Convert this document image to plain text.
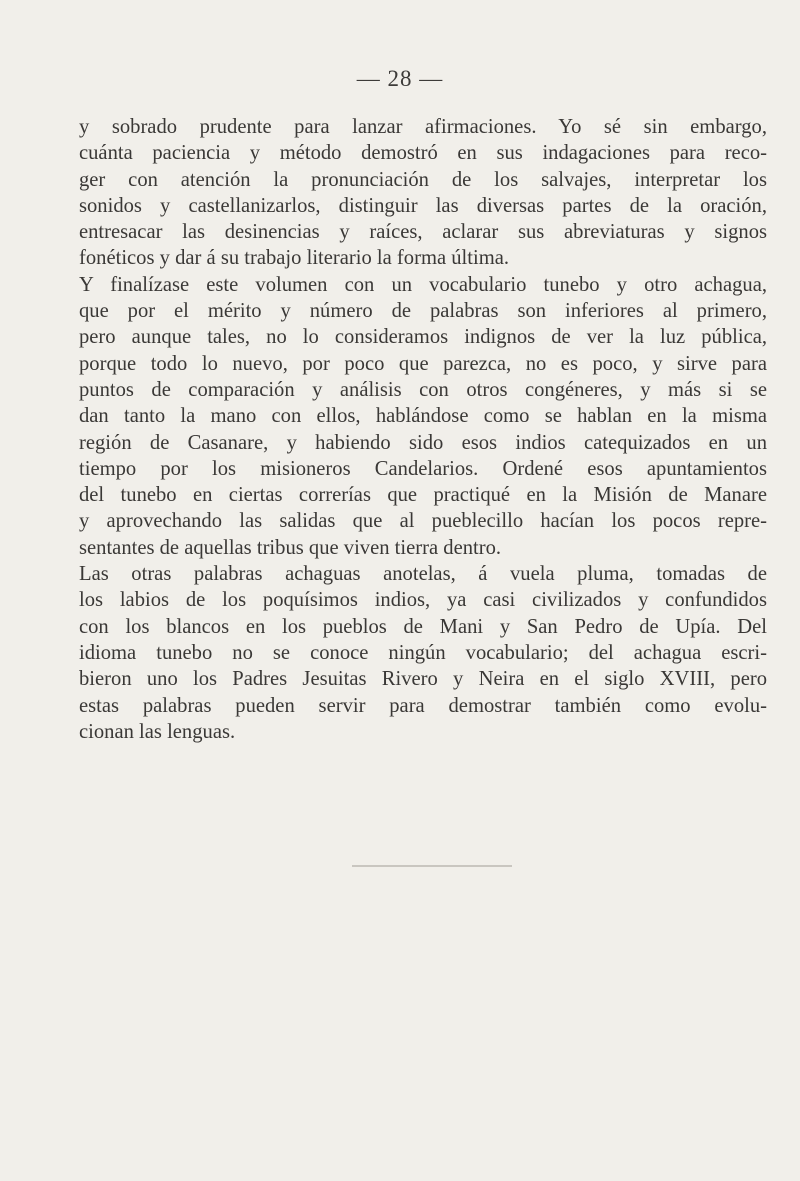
— 28 —
y sobrado prudente para lanzar afirmaciones. Yo sé sin embargo,
cuánta paciencia y método demostró en sus indagaciones para reco-
ger con atención la pronunciación de los salvajes, interpretar los
sonidos y castellanizarlos, distinguir las diversas partes de la oración,
entresacar las desinencias y raíces, aclarar sus abreviaturas y signos
fonéticos y dar á su trabajo literario la forma última.
Y finalízase este volumen con un vocabulario tunebo y otro achagua,
que por el mérito y número de palabras son inferiores al primero,
pero aunque tales, no lo consideramos indignos de ver la luz pública,
porque todo lo nuevo, por poco que parezca, no es poco, y sirve para
puntos de comparación y análisis con otros congéneres, y más si se
dan tanto la mano con ellos, hablándose como se hablan en la misma
región de Casanare, y habiendo sido esos indios catequizados en un
tiempo por los misioneros Candelarios. Ordené esos apuntamientos
del tunebo en ciertas correrías que practiqué en la Misión de Manare
y aprovechando las salidas que al pueblecillo hacían los pocos repre-
sentantes de aquellas tribus que viven tierra dentro.
Las otras palabras achaguas anotelas, á vuela pluma, tomadas de
los labios de los poquísimos indios, ya casi civilizados y confundidos
con los blancos en los pueblos de Mani y San Pedro de Upía. Del
idioma tunebo no se conoce ningún vocabulario; del achagua escri-
bieron uno los Padres Jesuitas Rivero y Neira en el siglo XVIII, pero
estas palabras pueden servir para demostrar también como evolu-
cionan las lenguas.
